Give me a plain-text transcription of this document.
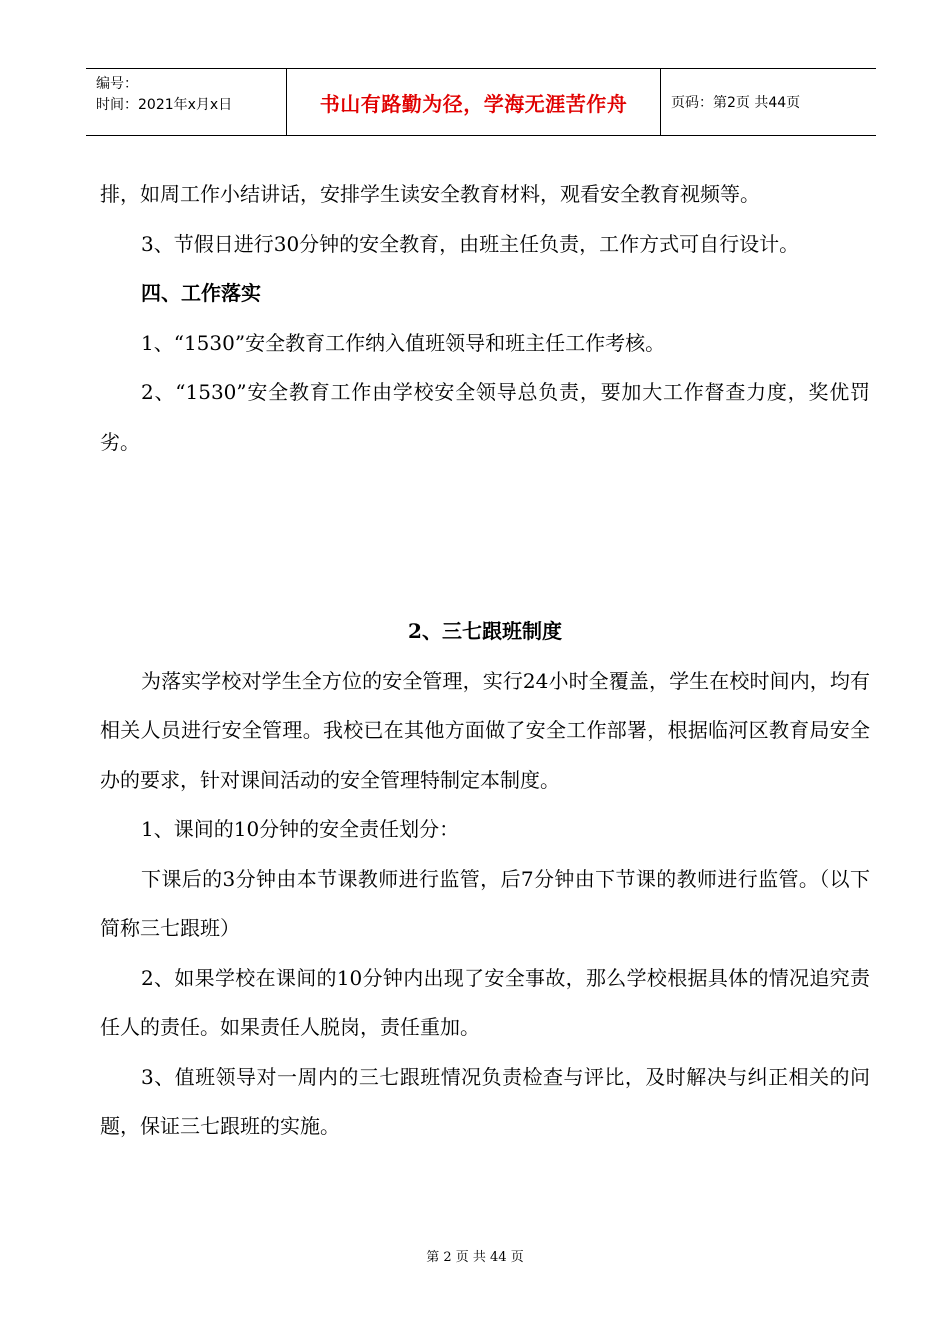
编号：
时间：2021年x月x日	书山有路勤为径，学海无涯苦作舟	页码：第2页 共44页

排，如周工作小结讲话，安排学生读安全教育材料，观看安全教育视频等。

3、节假日进行30分钟的安全教育，由班主任负责，工作方式可自行设计。

四、工作落实

1、“1530”安全教育工作纳入值班领导和班主任工作考核。

2、“1530”安全教育工作由学校安全领导总负责，要加大工作督查力度，奖优罚劣。

2、三七跟班制度

为落实学校对学生全方位的安全管理，实行24小时全覆盖，学生在校时间内，均有相关人员进行安全管理。我校已在其他方面做了安全工作部署，根据临河区教育局安全办的要求，针对课间活动的安全管理特制定本制度。

1、课间的10分钟的安全责任划分：

下课后的3分钟由本节课教师进行监管，后7分钟由下节课的教师进行监管。（以下简称三七跟班）

2、如果学校在课间的10分钟内出现了安全事故，那么学校根据具体的情况追究责任人的责任。如果责任人脱岗，责任重加。

3、值班领导对一周内的三七跟班情况负责检查与评比，及时解决与纠正相关的问题，保证三七跟班的实施。

第 2 页 共 44 页
